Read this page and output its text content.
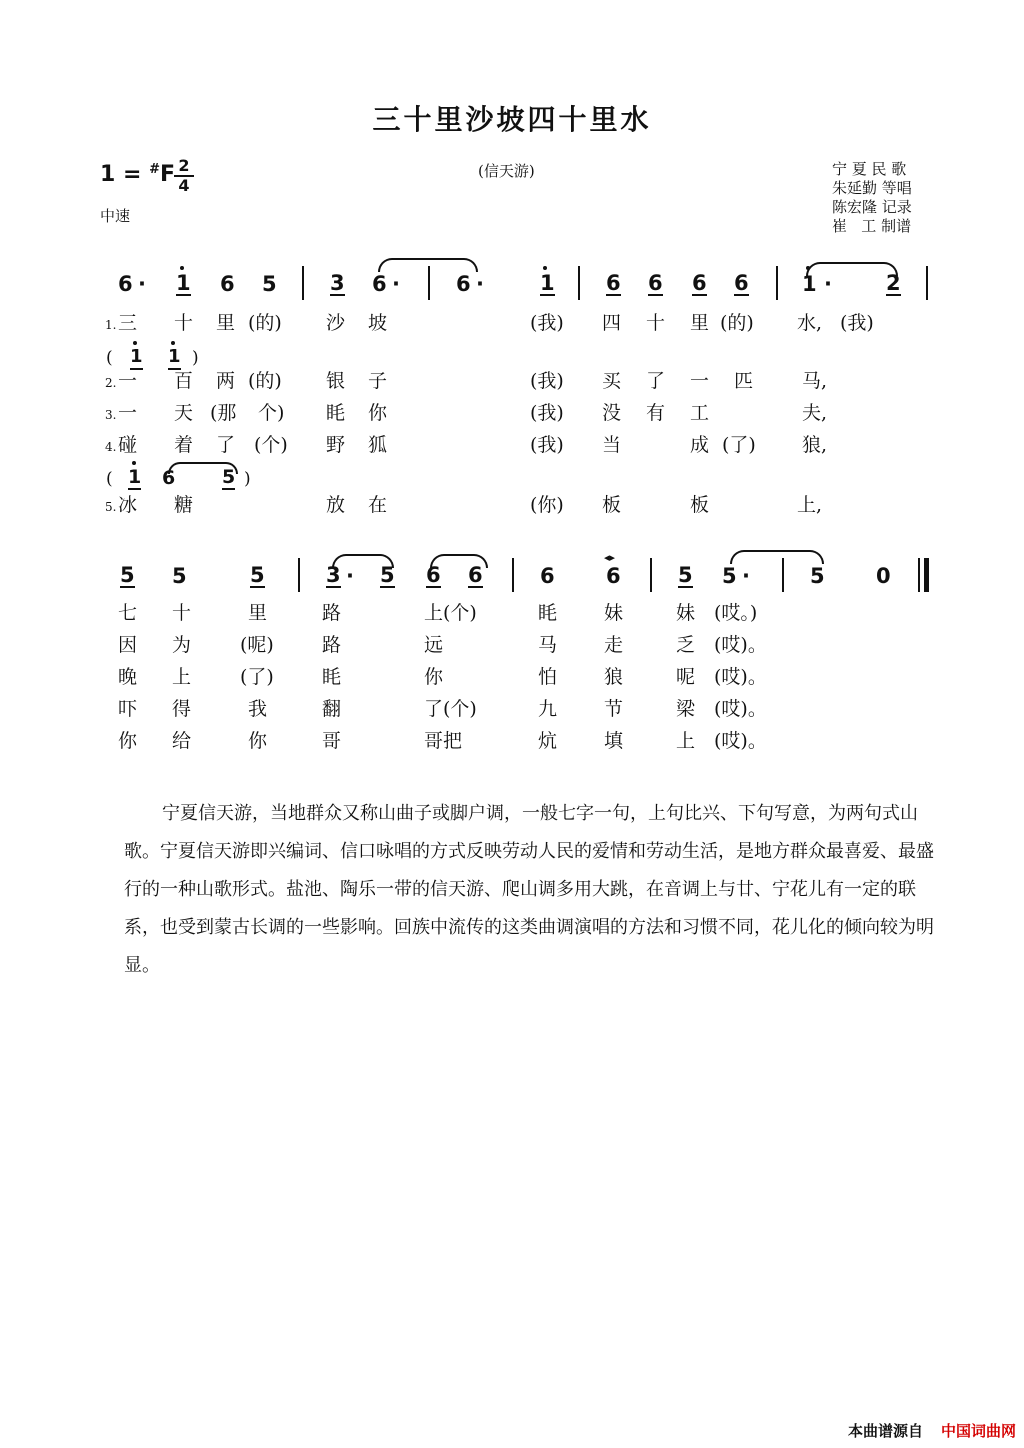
三十里沙坡四十里水
(信天游)
1 = #F 2
4
中速
宁 夏 民 歌
朱延勤 等唱
陈宏隆 记录
崔   工 制谱
6 · 1 6 5	3 6 ·	6 ·	1 6 6 6 6	1 ·	2
1. 三 十 里 (的) 沙 坡	(我) 四 十 里 (的) 水, (我)
( 1 1 )
2. 一 百 两 (的) 银 子	(我) 买 了 一 匹	马,
3. 一 天 (那 个) 眊 你	(我) 没 有 工	夫,
4. 碰 着 了 (个) 野 狐	(我) 当	成 (了) 狼,
( 1 6 5 )
5. 冰 糖	放 在	(你) 板	板	上,
5 5	5	3 · 5 6 6	6 6
◂▸
5 5 ·	5 0
七 十	里	路	上(个)	眊 妹	妹 (哎。)
因 为	(呢)	路	远	马 走	乏 (哎)。
晚 上	(了)	眊	你	怕 狼	呢 (哎)。
吓 得	我	翻	了(个)	九 节	梁 (哎)。
你 给	你	哥	哥把	炕 填	上 (哎)。
宁夏信天游，当地群众又称山曲子或脚户调，一般七字一句，上句比兴、下句写意，为两句式山歌。宁夏信天游即兴编词、信口咏唱的方式反映劳动人民的爱情和劳动生活，是地方群众最喜爱、最盛行的一种山歌形式。盐池、陶乐一带的信天游、爬山调多用大跳，在音调上与廿、宁花儿有一定的联系，也受到蒙古长调的一些影响。回族中流传的这类曲调演唱的方法和习惯不同，花儿化的倾向较为明显。
本曲谱源自 中国词曲网
